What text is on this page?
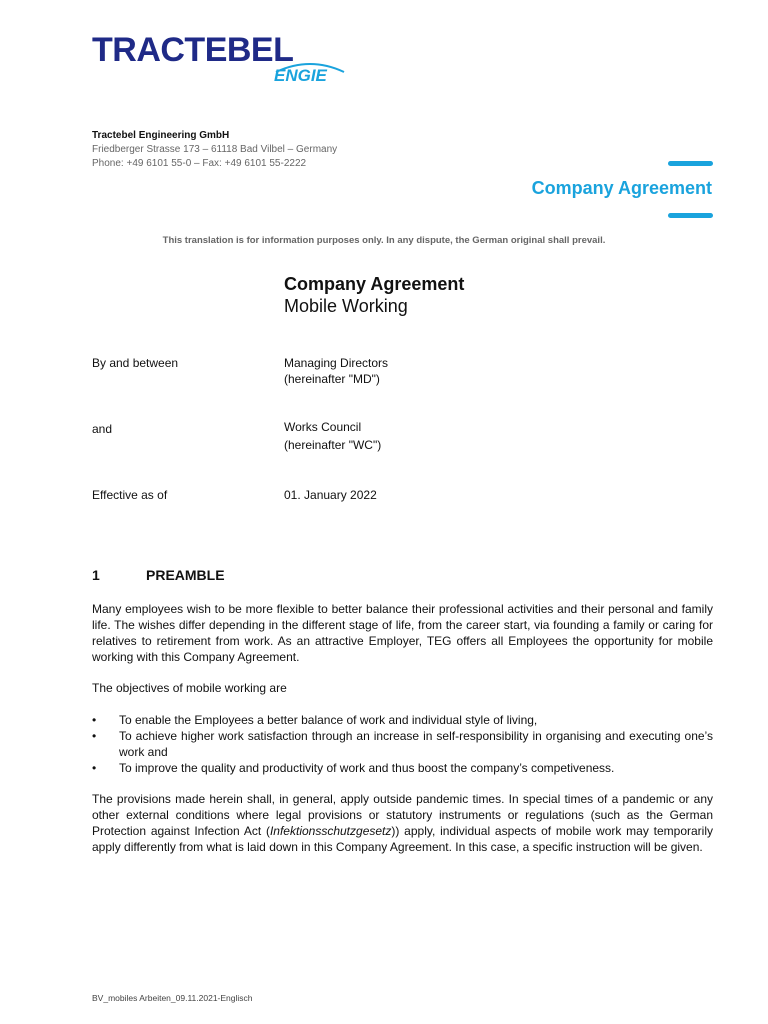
TRACTEBEL
ENGIE
Tractebel Engineering GmbH
Friedberger Strasse 173 – 61118 Bad Vilbel – Germany
Phone: +49 6101 55-0 – Fax: +49 6101 55-2222
Company Agreement
This translation is for information purposes only. In any dispute, the German original shall prevail.
Company Agreement
Mobile Working
By and between	Managing Directors
(hereinafter "MD")
and	Works Council
(hereinafter "WC")
Effective as of	01. January 2022
1	PREAMBLE
Many employees wish to be more flexible to better balance their professional activities and their personal and family life. The wishes differ depending in the different stage of life, from the career start, via founding a family or caring for relatives to retirement from work. As an attractive Employer, TEG offers all Employees the opportunity for mobile working with this Company Agreement.
The objectives of mobile working are
•	To enable the Employees a better balance of work and individual style of living,
•	To achieve higher work satisfaction through an increase in self-responsibility in organising and executing one’s work and
•	To improve the quality and productivity of work and thus boost the company’s competiveness.
The provisions made herein shall, in general, apply outside pandemic times. In special times of a pandemic or any other external conditions where legal provisions or statutory instruments or regulations (such as the German Protection against Infection Act (Infektionsschutzgesetz)) apply, individual aspects of mobile work may temporarily apply differently from what is laid down in this Company Agreement. In this case, a specific instruction will be given.
BV_mobiles Arbeiten_09.11.2021-Englisch
